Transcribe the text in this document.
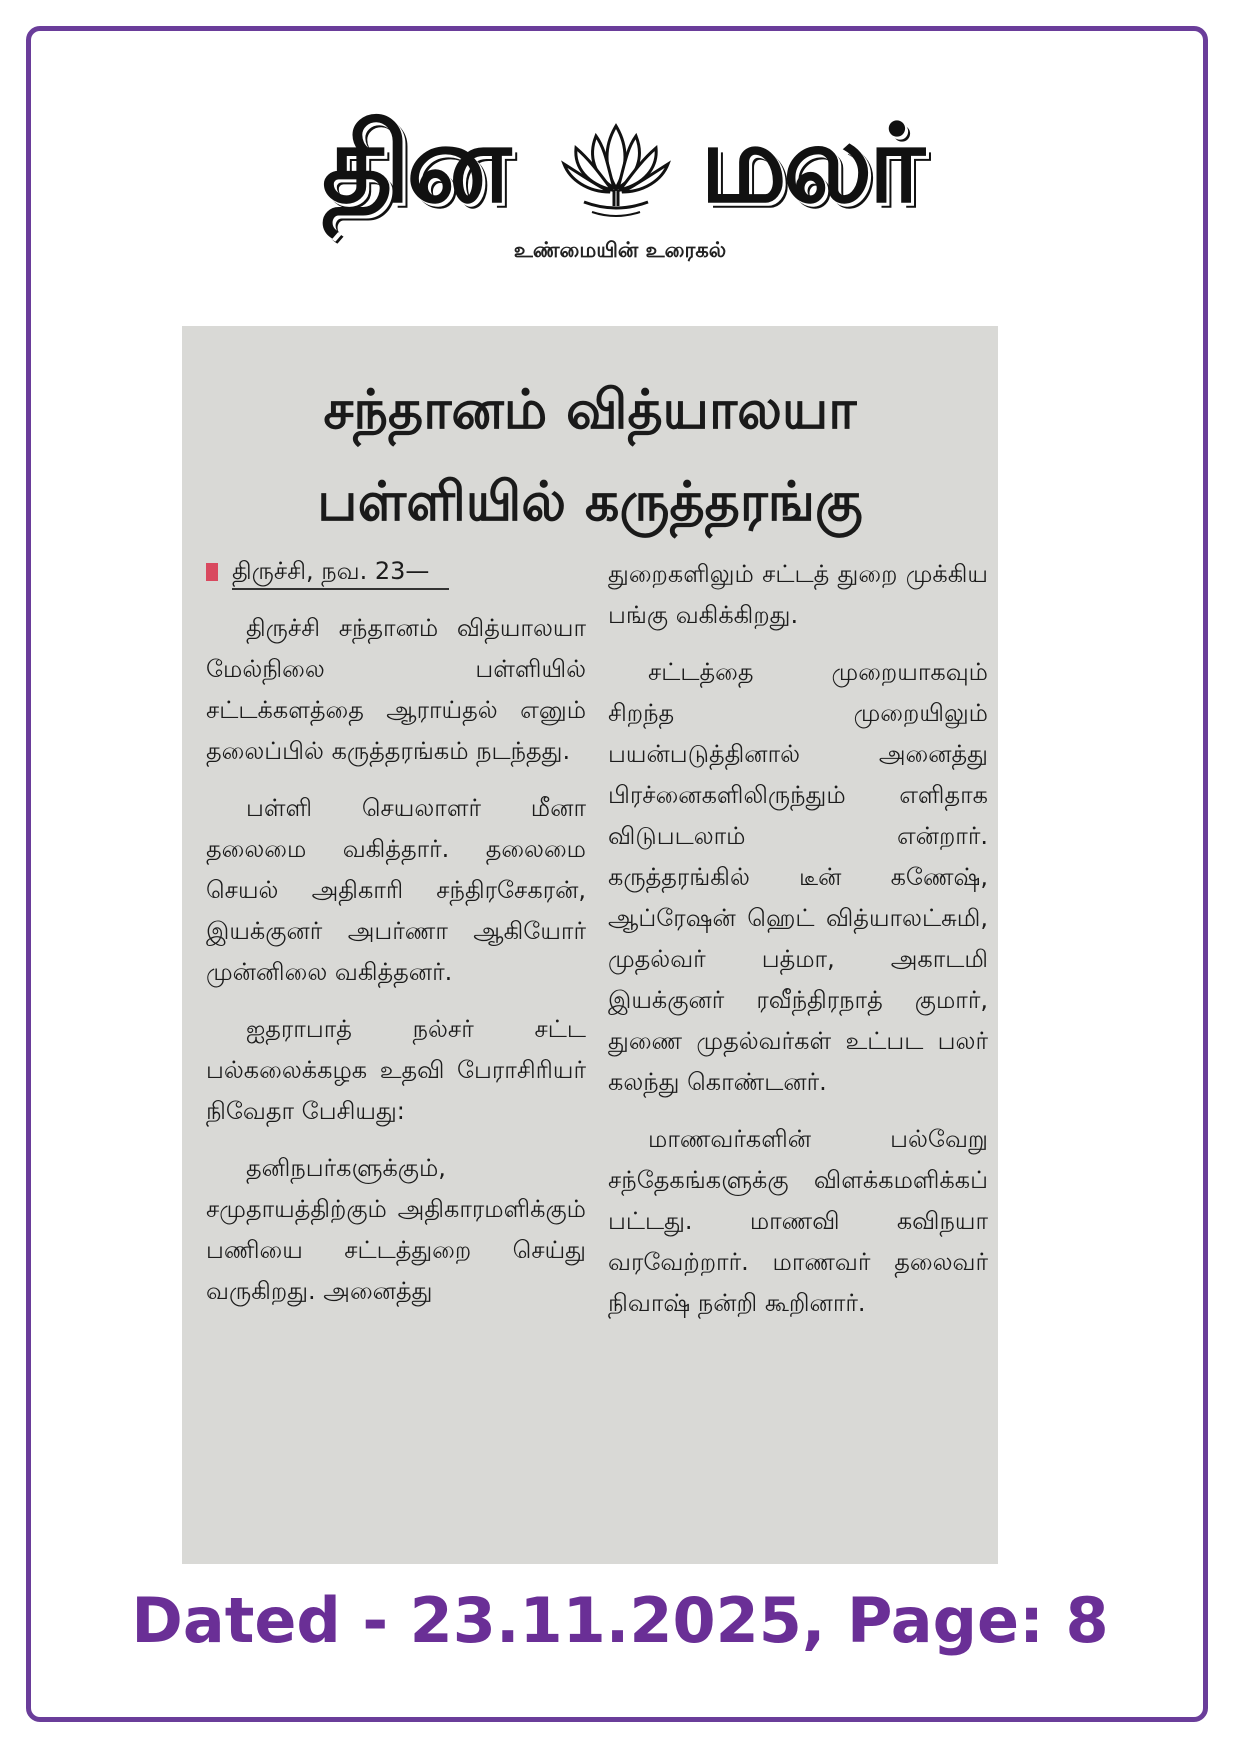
தின மலர்
உண்மையின் உரைகல்
சந்தானம் வித்யாலயா
பள்ளியில் கருத்தரங்கு
திருச்சி, நவ. 23—

திருச்சி சந்தானம் வித்யாலயா மேல்நிலை பள்ளியில் சட்டக்களத்தை ஆராய்தல் எனும் தலைப்பில் கருத்தரங்கம் நடந்தது.

பள்ளி செயலாளர் மீனா தலைமை வகித்தார். தலைமை செயல் அதிகாரி சந்திரசேகரன், இயக்குனர் அபர்ணா ஆகியோர் முன்னிலை வகித்தனர்.

ஐதராபாத் நல்சர் சட்ட பல்கலைக்கழக உதவி பேராசிரியர் நிவேதா பேசியது:

தனிநபர்களுக்கும், சமுதாயத்திற்கும் அதிகாரமளிக்கும் பணியை சட்டத்துறை செய்து வருகிறது. அனைத்து

துறைகளிலும் சட்டத் துறை முக்கிய பங்கு வகிக்கிறது.

சட்டத்தை முறையாகவும் சிறந்த முறையிலும் பயன்படுத்தினால் அனைத்து பிரச்னைகளிலிருந்தும் எளிதாக விடுபடலாம் என்றார். கருத்தரங்கில் டீன் கணேஷ், ஆப்ரேஷன் ஹெட் வித்யாலட்சுமி, முதல்வர் பத்மா, அகாடமி இயக்குனர் ரவீந்திரநாத் குமார், துணை முதல்வர்கள் உட்பட பலர் கலந்து கொண்டனர்.

மாணவர்களின் பல்வேறு சந்தேகங்களுக்கு விளக்கமளிக்கப் பட்டது. மாணவி கவிநயா வரவேற்றார். மாணவர் தலைவர் நிவாஷ் நன்றி கூறினார்.

Dated - 23.11.2025, Page: 8
